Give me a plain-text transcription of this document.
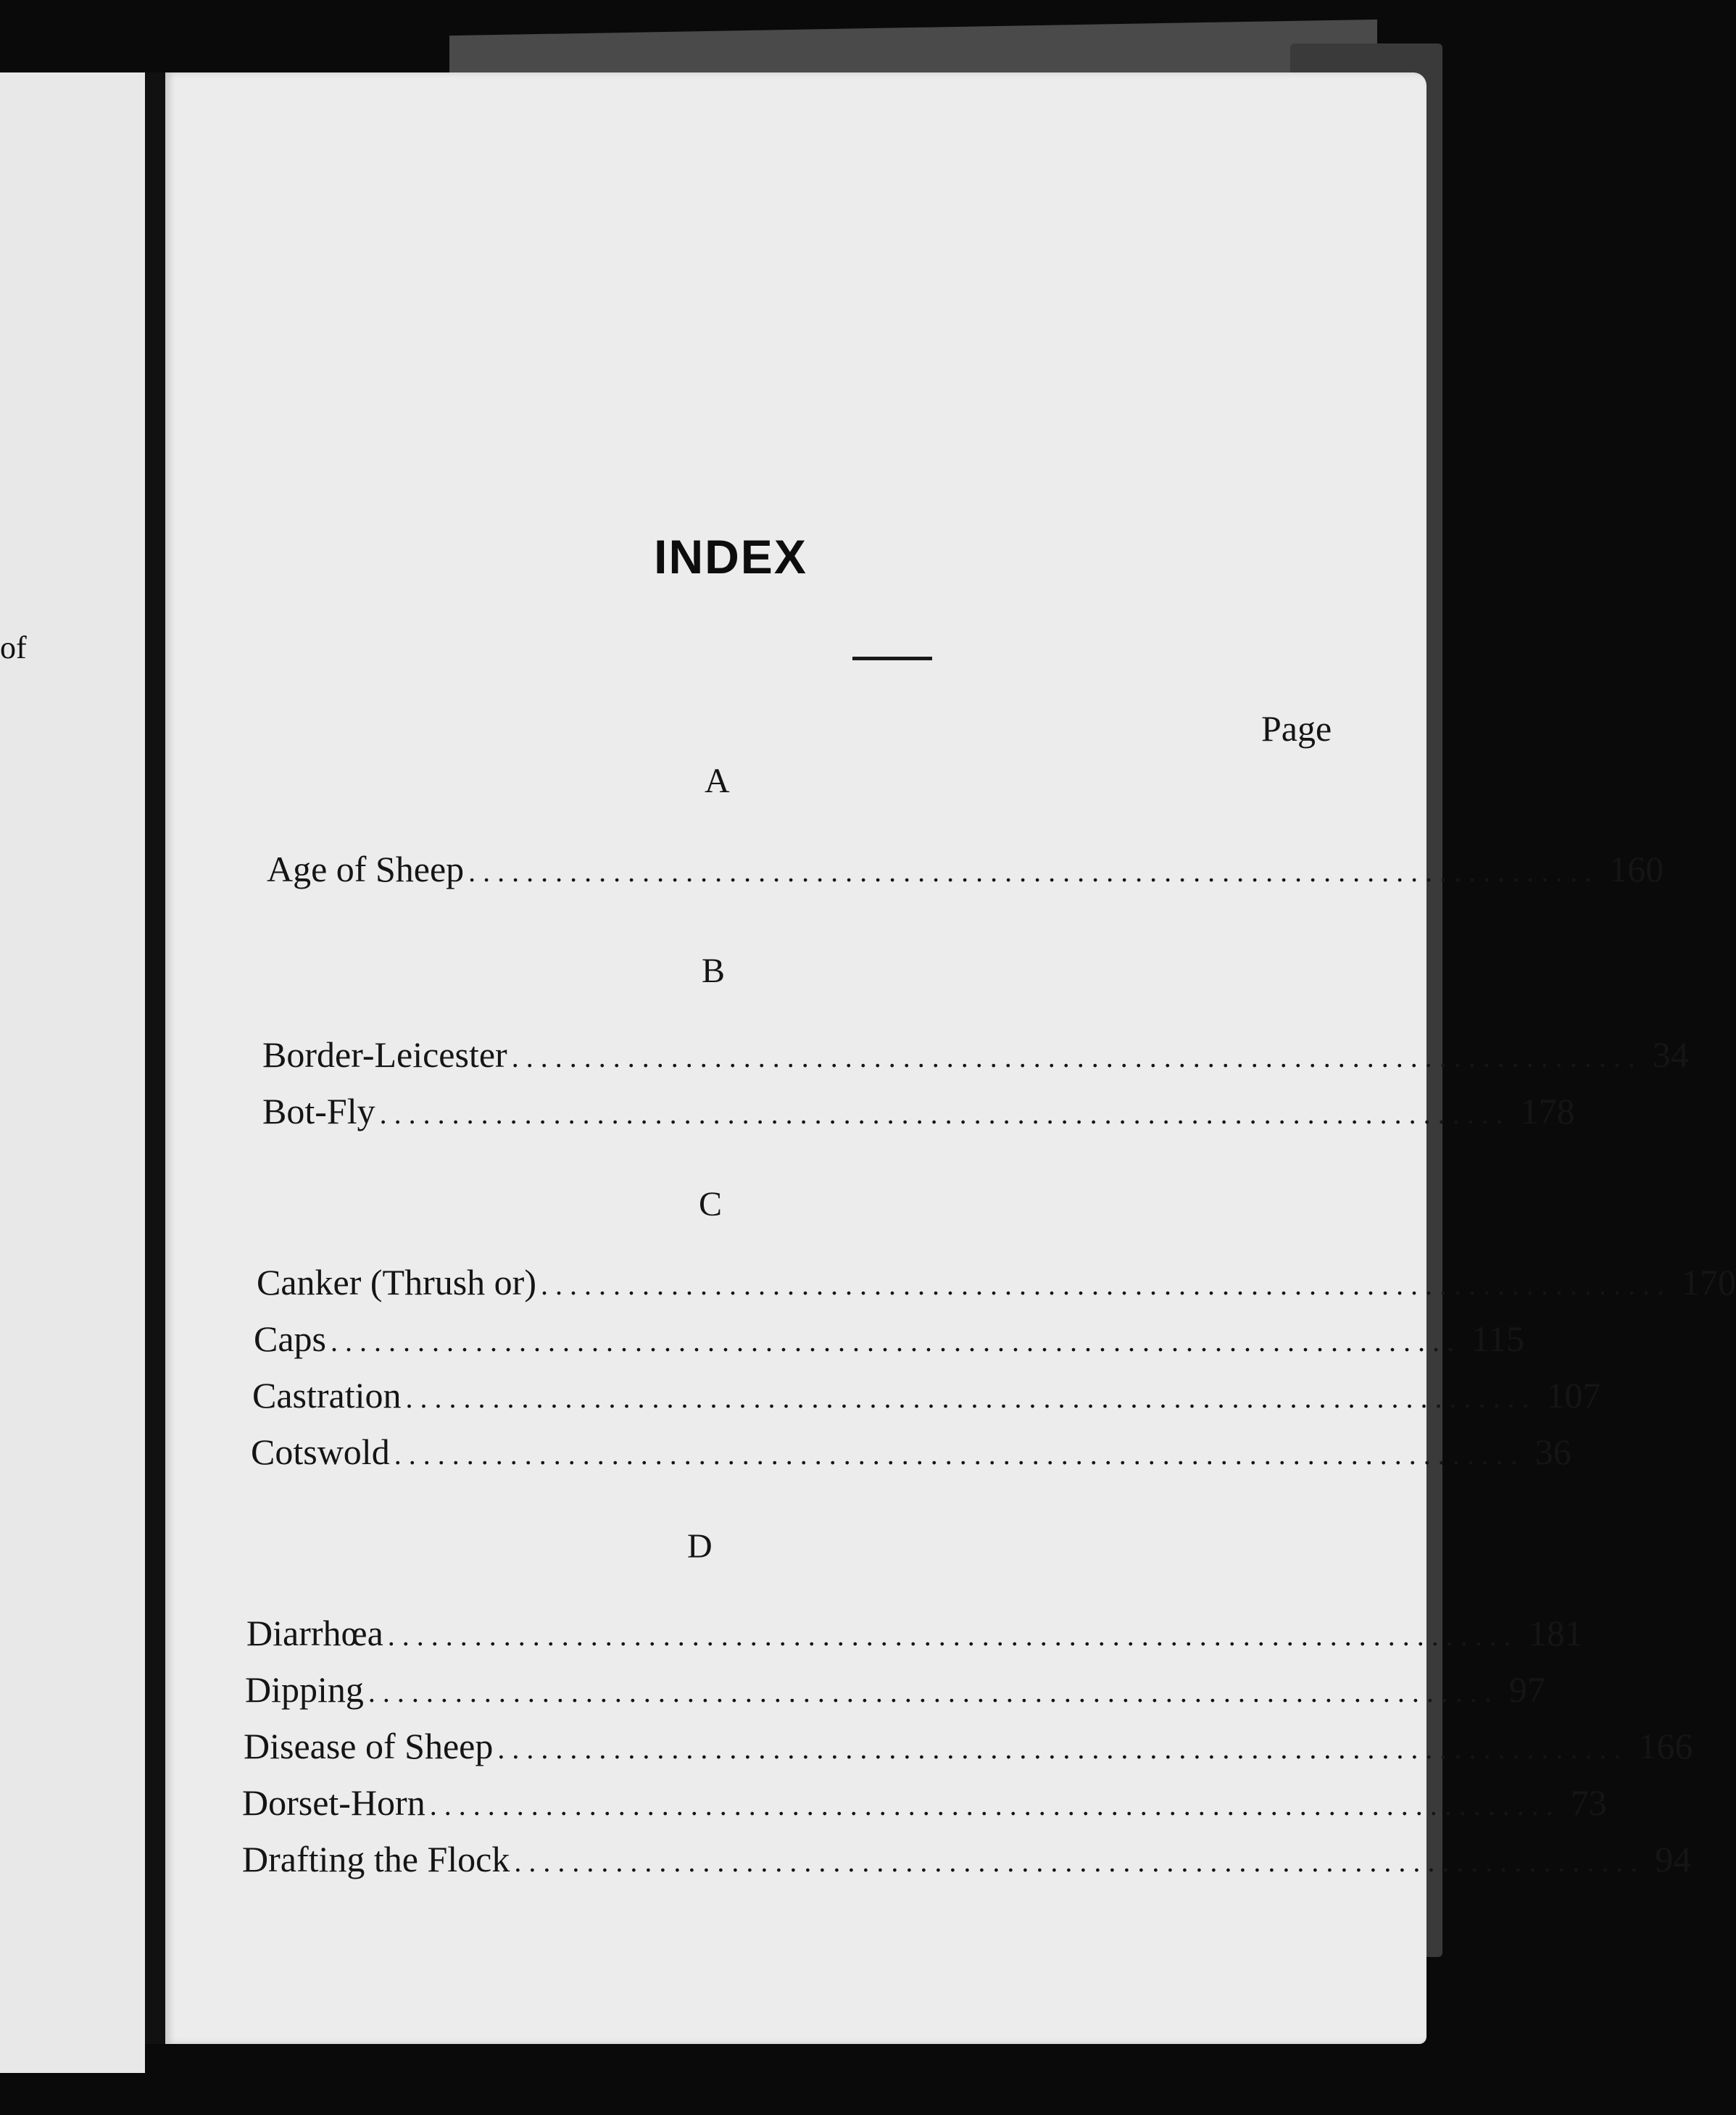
of
INDEX
Page
A
Age of Sheep .............................................................................. 160
B
Border-Leicester .............................................................................. 34
Bot-Fly .............................................................................. 178
C
Canker (Thrush or) .............................................................................. 170
Caps .............................................................................. 115
Castration .............................................................................. 107
Cotswold .............................................................................. 36
D
Diarrhœa .............................................................................. 181
Dipping .............................................................................. 97
Disease of Sheep .............................................................................. 166
Dorset-Horn .............................................................................. 73
Drafting the Flock .............................................................................. 94
